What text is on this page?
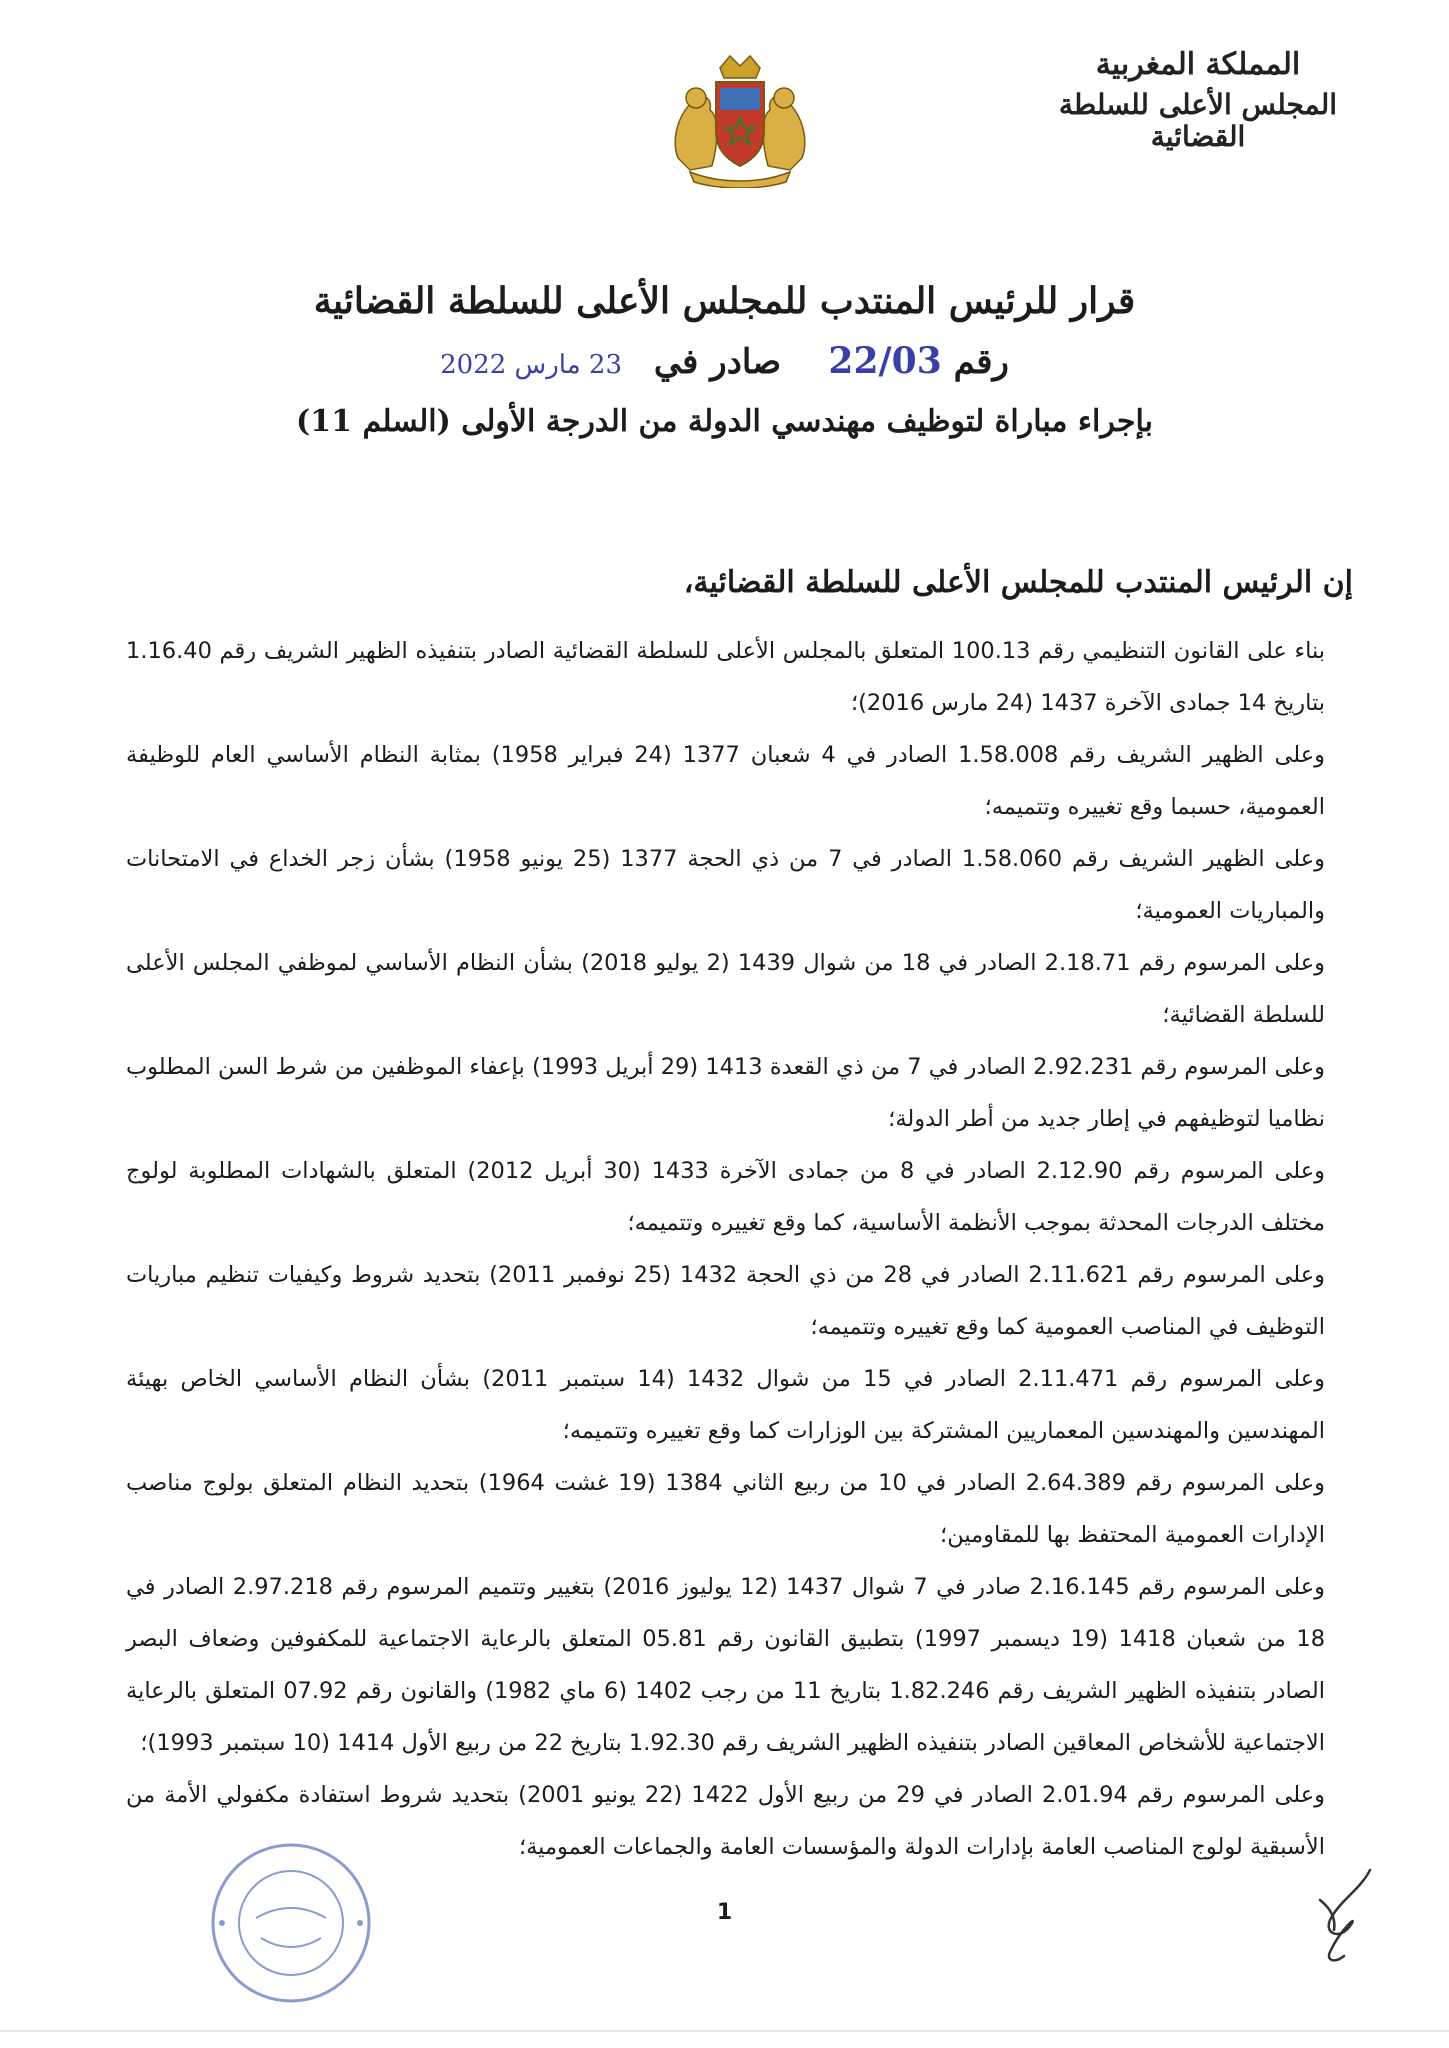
المملكة المغربية
المجلس الأعلى للسلطة القضائية
قرار للرئيس المنتدب للمجلس الأعلى للسلطة القضائية
رقم 22/03    صادر في 23 مارس 2022
بإجراء مباراة لتوظيف مهندسي الدولة من الدرجة الأولى (السلم 11)
إن الرئيس المنتدب للمجلس الأعلى للسلطة القضائية،

بناء على القانون التنظيمي رقم 100.13 المتعلق بالمجلس الأعلى للسلطة القضائية الصادر بتنفيذه الظهير الشريف رقم 1.16.40 بتاريخ 14 جمادى الآخرة 1437 (24 مارس 2016)؛

وعلى الظهير الشريف رقم 1.58.008 الصادر في 4 شعبان 1377 (24 فبراير 1958) بمثابة النظام الأساسي العام للوظيفة العمومية، حسبما وقع تغييره وتتميمه؛

وعلى الظهير الشريف رقم 1.58.060 الصادر في 7 من ذي الحجة 1377 (25 يونيو 1958) بشأن زجر الخداع في الامتحانات والمباريات العمومية؛

وعلى المرسوم رقم 2.18.71 الصادر في 18 من شوال 1439 (2 يوليو 2018) بشأن النظام الأساسي لموظفي المجلس الأعلى للسلطة القضائية؛

وعلى المرسوم رقم 2.92.231 الصادر في 7 من ذي القعدة 1413 (29 أبريل 1993) بإعفاء الموظفين من شرط السن المطلوب نظاميا لتوظيفهم في إطار جديد من أطر الدولة؛

وعلى المرسوم رقم 2.12.90 الصادر في 8 من جمادى الآخرة 1433 (30 أبريل 2012) المتعلق بالشهادات المطلوبة لولوج مختلف الدرجات المحدثة بموجب الأنظمة الأساسية، كما وقع تغييره وتتميمه؛

وعلى المرسوم رقم 2.11.621 الصادر في 28 من ذي الحجة 1432 (25 نوفمبر 2011) بتحديد شروط وكيفيات تنظيم مباريات التوظيف في المناصب العمومية كما وقع تغييره وتتميمه؛

وعلى المرسوم رقم 2.11.471 الصادر في 15 من شوال 1432 (14 سبتمبر 2011) بشأن النظام الأساسي الخاص بهيئة المهندسين والمهندسين المعماريين المشتركة بين الوزارات كما وقع تغييره وتتميمه؛

وعلى المرسوم رقم 2.64.389 الصادر في 10 من ربيع الثاني 1384 (19 غشت 1964) بتحديد النظام المتعلق بولوج مناصب الإدارات العمومية المحتفظ بها للمقاومين؛

وعلى المرسوم رقم 2.16.145 صادر في 7 شوال 1437 (12 يوليوز 2016) بتغيير وتتميم المرسوم رقم 2.97.218 الصادر في 18 من شعبان 1418 (19 ديسمبر 1997) بتطبيق القانون رقم 05.81 المتعلق بالرعاية الاجتماعية للمكفوفين وضعاف البصر الصادر بتنفيذه الظهير الشريف رقم 1.82.246 بتاريخ 11 من رجب 1402 (6 ماي 1982) والقانون رقم 07.92 المتعلق بالرعاية الاجتماعية للأشخاص المعاقين الصادر بتنفيذه الظهير الشريف رقم 1.92.30 بتاريخ 22 من ربيع الأول 1414 (10 سبتمبر 1993)؛

وعلى المرسوم رقم 2.01.94 الصادر في 29 من ربيع الأول 1422 (22 يونيو 2001) بتحديد شروط استفادة مكفولي الأمة من الأسبقية لولوج المناصب العامة بإدارات الدولة والمؤسسات العامة والجماعات العمومية؛

1
